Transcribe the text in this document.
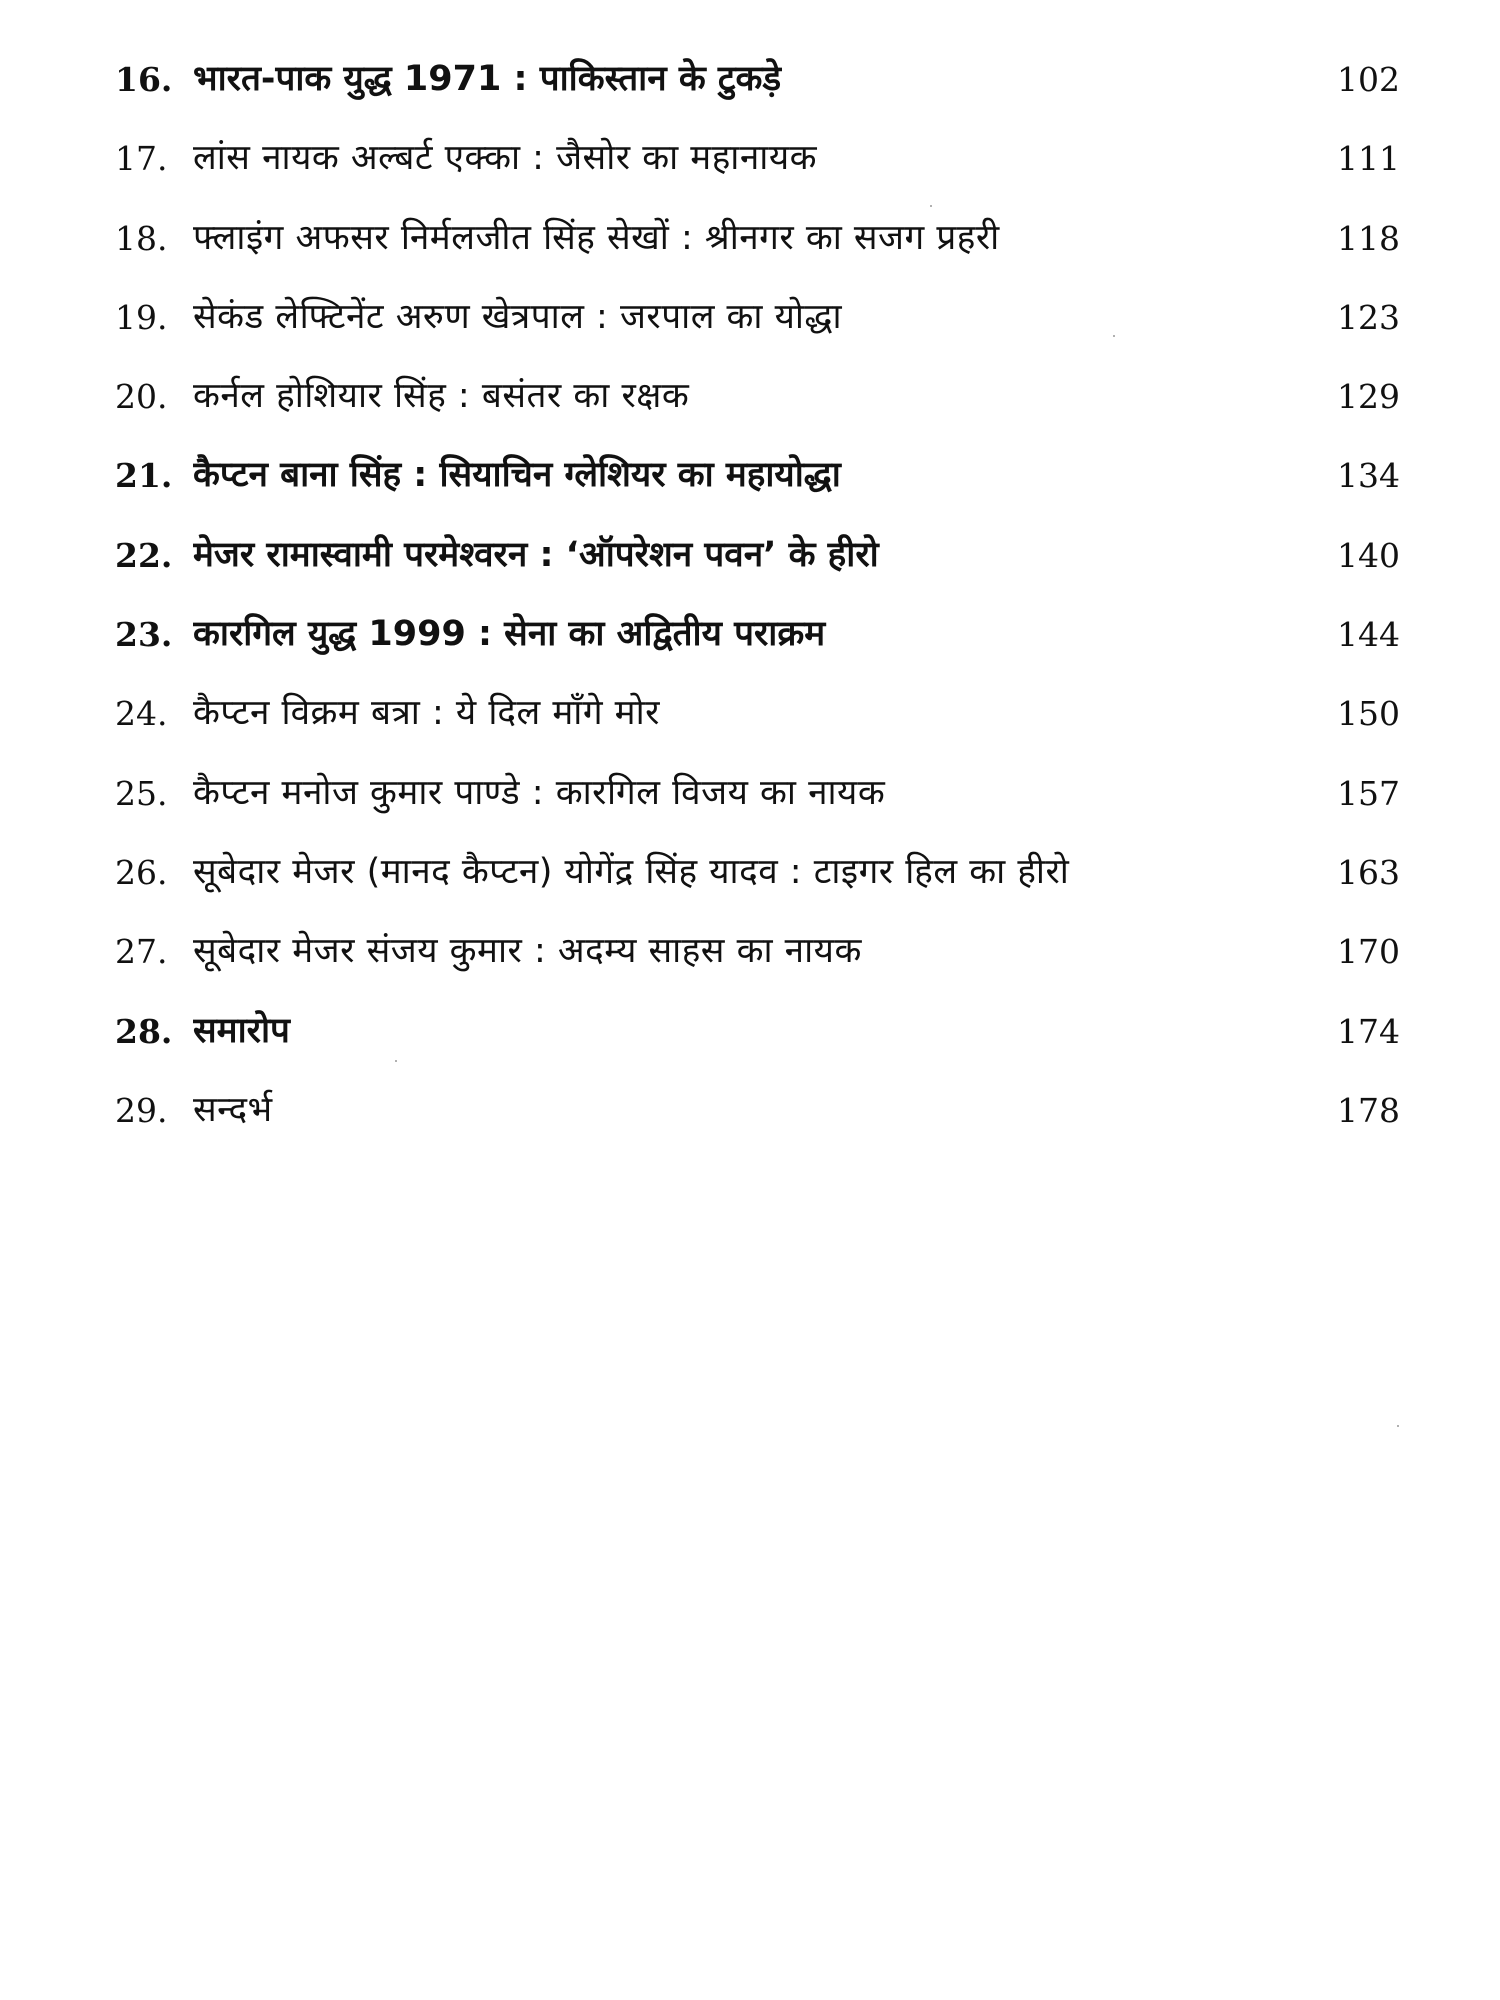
16. भारत-पाक युद्ध 1971 : पाकिस्तान के टुकड़े	102
17. लांस नायक अल्बर्ट एक्का : जैसोर का महानायक	111
18. फ्लाइंग अफसर निर्मलजीत सिंह सेखों : श्रीनगर का सजग प्रहरी	118
19. सेकंड लेफ्टिनेंट अरुण खेत्रपाल : जरपाल का योद्धा	123
20. कर्नल होशियार सिंह : बसंतर का रक्षक	129
21. कैप्टन बाना सिंह : सियाचिन ग्लेशियर का महायोद्धा	134
22. मेजर रामास्वामी परमेश्वरन : ‘ऑपरेशन पवन’ के हीरो	140
23. कारगिल युद्ध 1999 : सेना का अद्वितीय पराक्रम	144
24. कैप्टन विक्रम बत्रा : ये दिल माँगे मोर	150
25. कैप्टन मनोज कुमार पाण्डे : कारगिल विजय का नायक	157
26. सूबेदार मेजर (मानद कैप्टन) योगेंद्र सिंह यादव : टाइगर हिल का हीरो	163
27. सूबेदार मेजर संजय कुमार : अदम्य साहस का नायक	170
28. समारोप	174
29. सन्दर्भ	178
